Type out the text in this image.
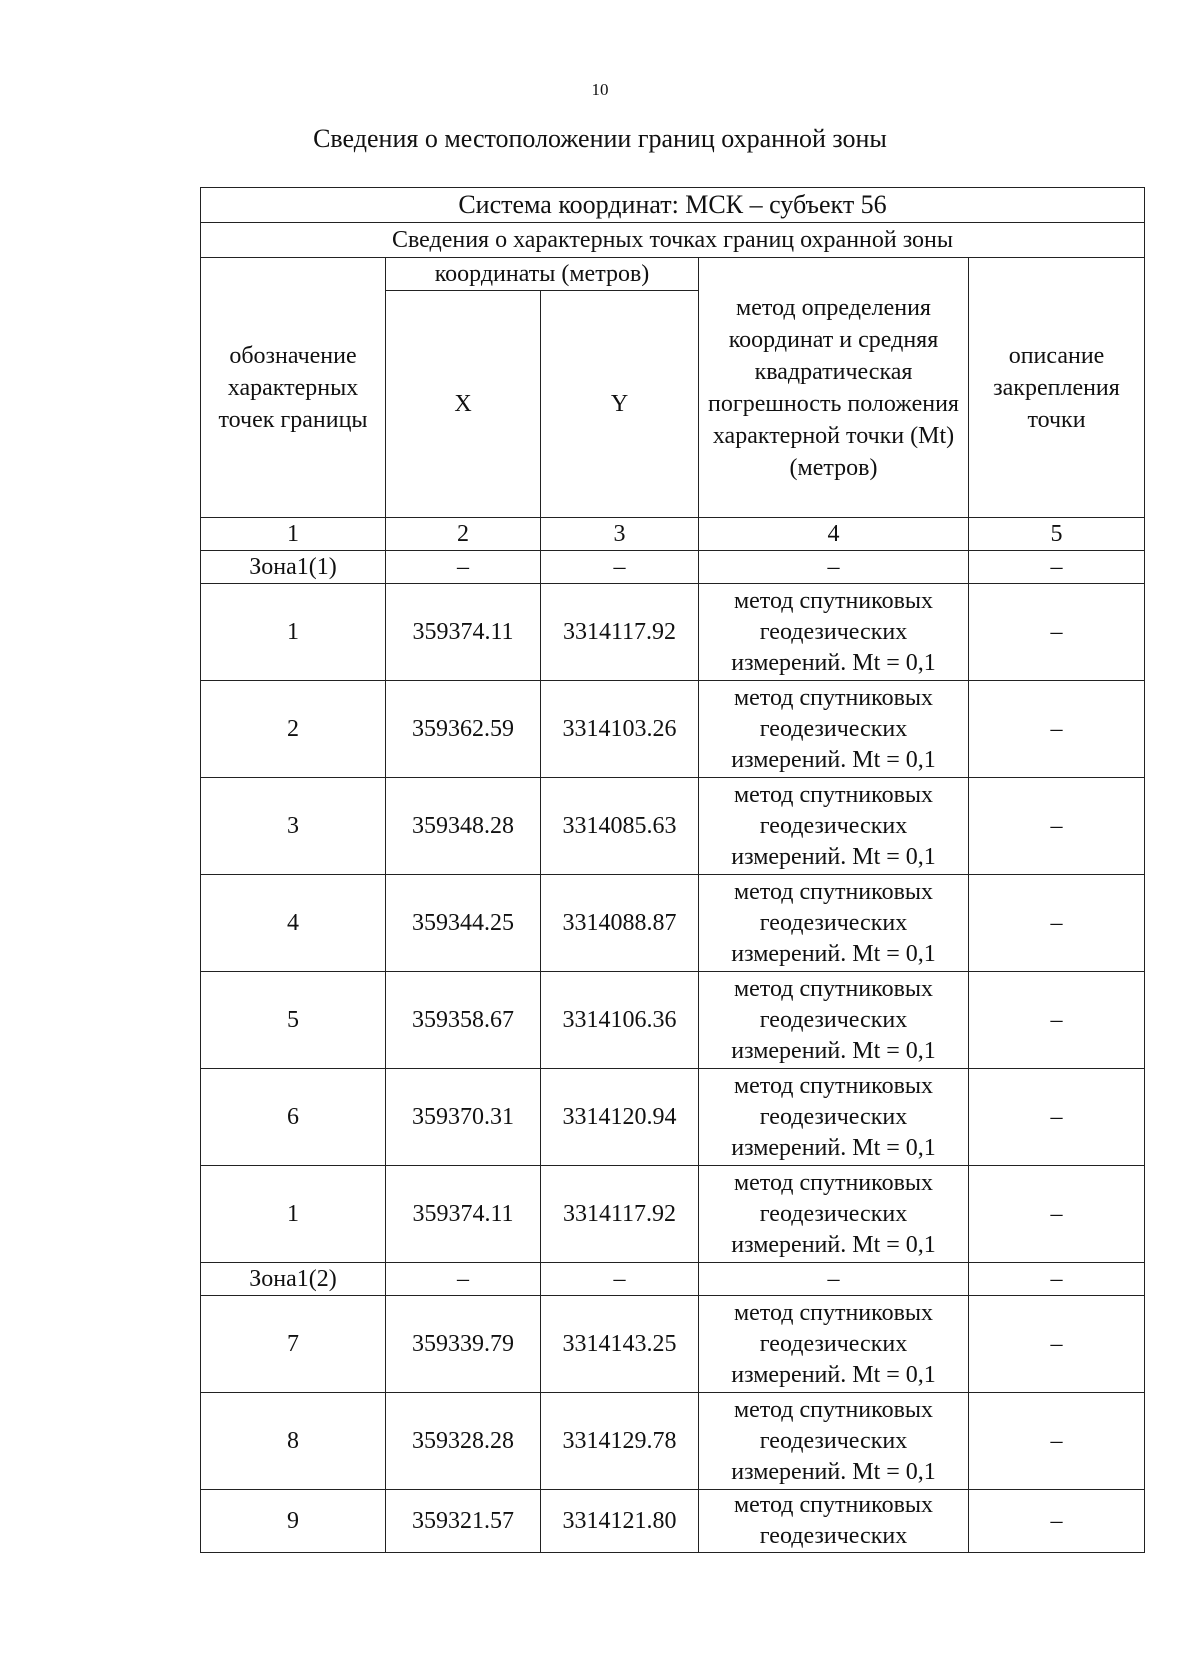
10
Сведения о местоположении границ охранной зоны
Система координат: МСК – субъект 56				
Сведения о характерных точках границ охранной зоны				
обозначение характерных точек границы	координаты (метров)		метод определения координат и средняя квадратическая погрешность положения характерной точки (Mt) (метров)	описание закрепления точки
	X	Y		
1	2	3	4	5
Зона1(1)	–	–	–	–
1	359374.11	3314117.92	метод спутниковых геодезических измерений. Mt = 0,1	–
2	359362.59	3314103.26	метод спутниковых геодезических измерений. Mt = 0,1	–
3	359348.28	3314085.63	метод спутниковых геодезических измерений. Mt = 0,1	–
4	359344.25	3314088.87	метод спутниковых геодезических измерений. Mt = 0,1	–
5	359358.67	3314106.36	метод спутниковых геодезических измерений. Mt = 0,1	–
6	359370.31	3314120.94	метод спутниковых геодезических измерений. Mt = 0,1	–
1	359374.11	3314117.92	метод спутниковых геодезических измерений. Mt = 0,1	–
Зона1(2)	–	–	–	–
7	359339.79	3314143.25	метод спутниковых геодезических измерений. Mt = 0,1	–
8	359328.28	3314129.78	метод спутниковых геодезических измерений. Mt = 0,1	–
9	359321.57	3314121.80	метод спутниковых геодезических	–
